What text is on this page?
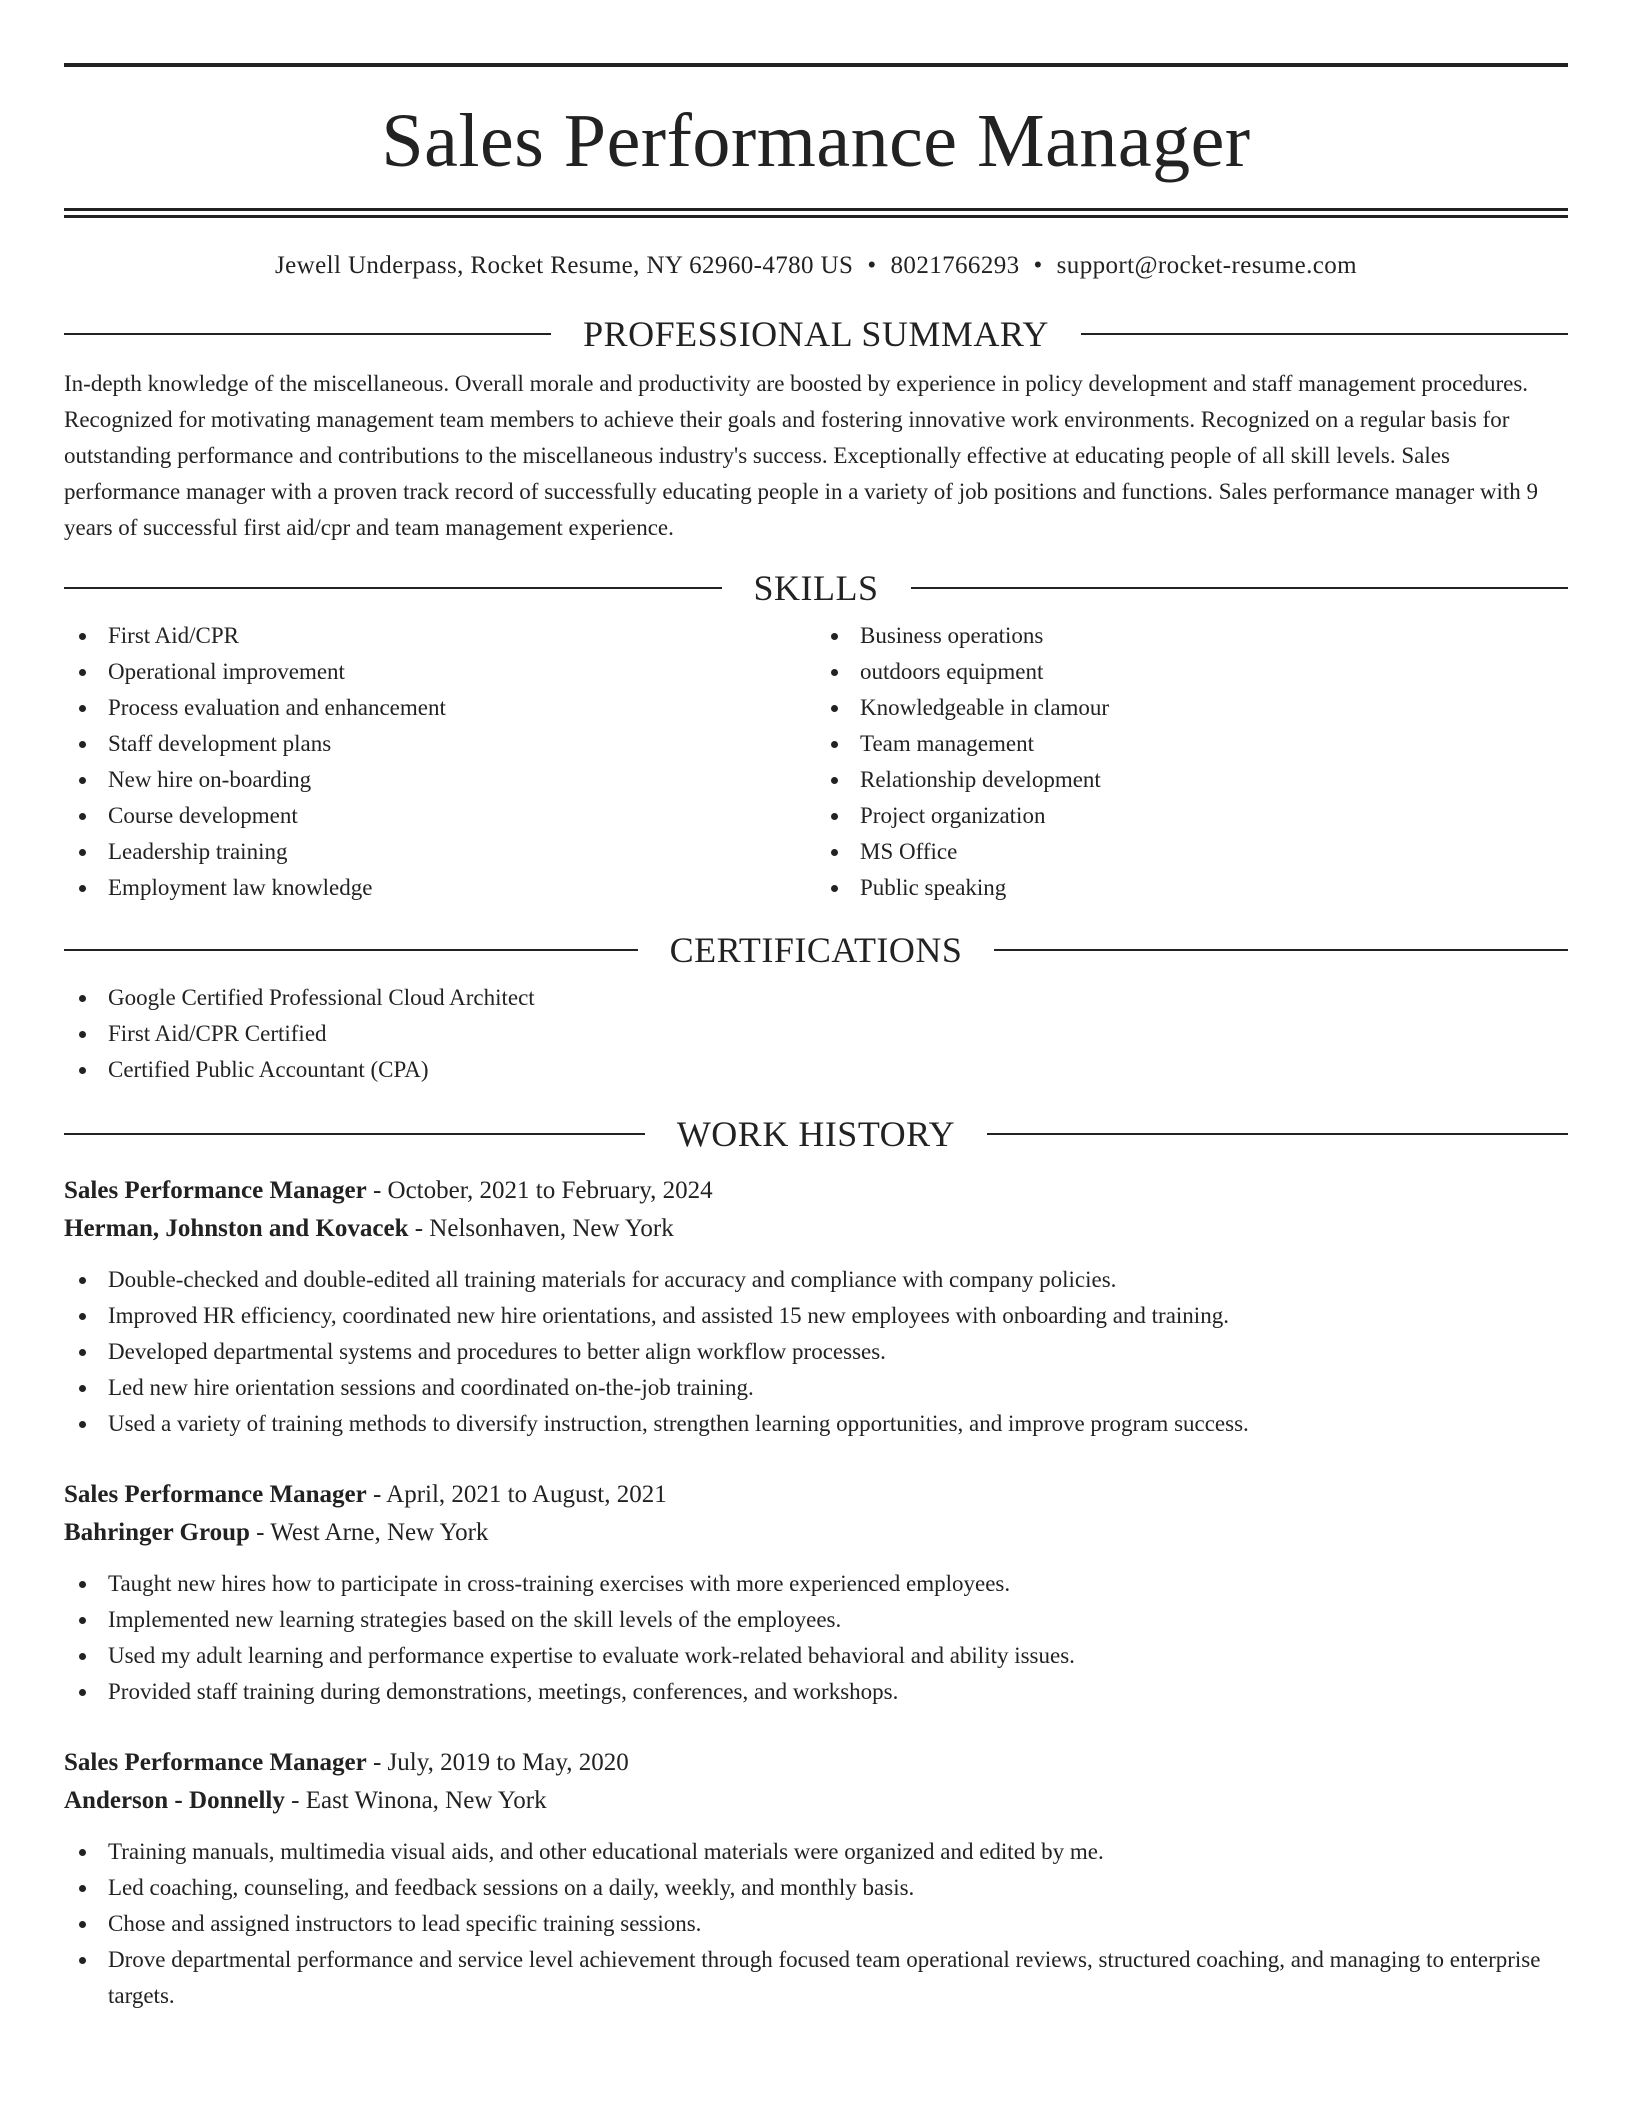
Sales Performance Manager
Jewell Underpass, Rocket Resume, NY 62960-4780 US • 8021766293 • support@rocket-resume.com
PROFESSIONAL SUMMARY

In-depth knowledge of the miscellaneous. Overall morale and productivity are boosted by experience in policy development and staff management procedures. Recognized for motivating management team members to achieve their goals and fostering innovative work environments. Recognized on a regular basis for outstanding performance and contributions to the miscellaneous industry's success. Exceptionally effective at educating people of all skill levels. Sales performance manager with a proven track record of successfully educating people in a variety of job positions and functions. Sales performance manager with 9 years of successful first aid/cpr and team management experience.

SKILLS
First Aid/CPR
Operational improvement
Process evaluation and enhancement
Staff development plans
New hire on-boarding
Course development
Leadership training
Employment law knowledge
Business operations
outdoors equipment
Knowledgeable in clamour
Team management
Relationship development
Project organization
MS Office
Public speaking
CERTIFICATIONS
Google Certified Professional Cloud Architect
First Aid/CPR Certified
Certified Public Accountant (CPA)
WORK HISTORY
Sales Performance Manager - October, 2021 to February, 2024
Herman, Johnston and Kovacek - Nelsonhaven, New York
Double-checked and double-edited all training materials for accuracy and compliance with company policies.
Improved HR efficiency, coordinated new hire orientations, and assisted 15 new employees with onboarding and training.
Developed departmental systems and procedures to better align workflow processes.
Led new hire orientation sessions and coordinated on-the-job training.
Used a variety of training methods to diversify instruction, strengthen learning opportunities, and improve program success.
Sales Performance Manager - April, 2021 to August, 2021
Bahringer Group - West Arne, New York
Taught new hires how to participate in cross-training exercises with more experienced employees.
Implemented new learning strategies based on the skill levels of the employees.
Used my adult learning and performance expertise to evaluate work-related behavioral and ability issues.
Provided staff training during demonstrations, meetings, conferences, and workshops.
Sales Performance Manager - July, 2019 to May, 2020
Anderson - Donnelly - East Winona, New York
Training manuals, multimedia visual aids, and other educational materials were organized and edited by me.
Led coaching, counseling, and feedback sessions on a daily, weekly, and monthly basis.
Chose and assigned instructors to lead specific training sessions.
Drove departmental performance and service level achievement through focused team operational reviews, structured coaching, and managing to enterprise targets.
